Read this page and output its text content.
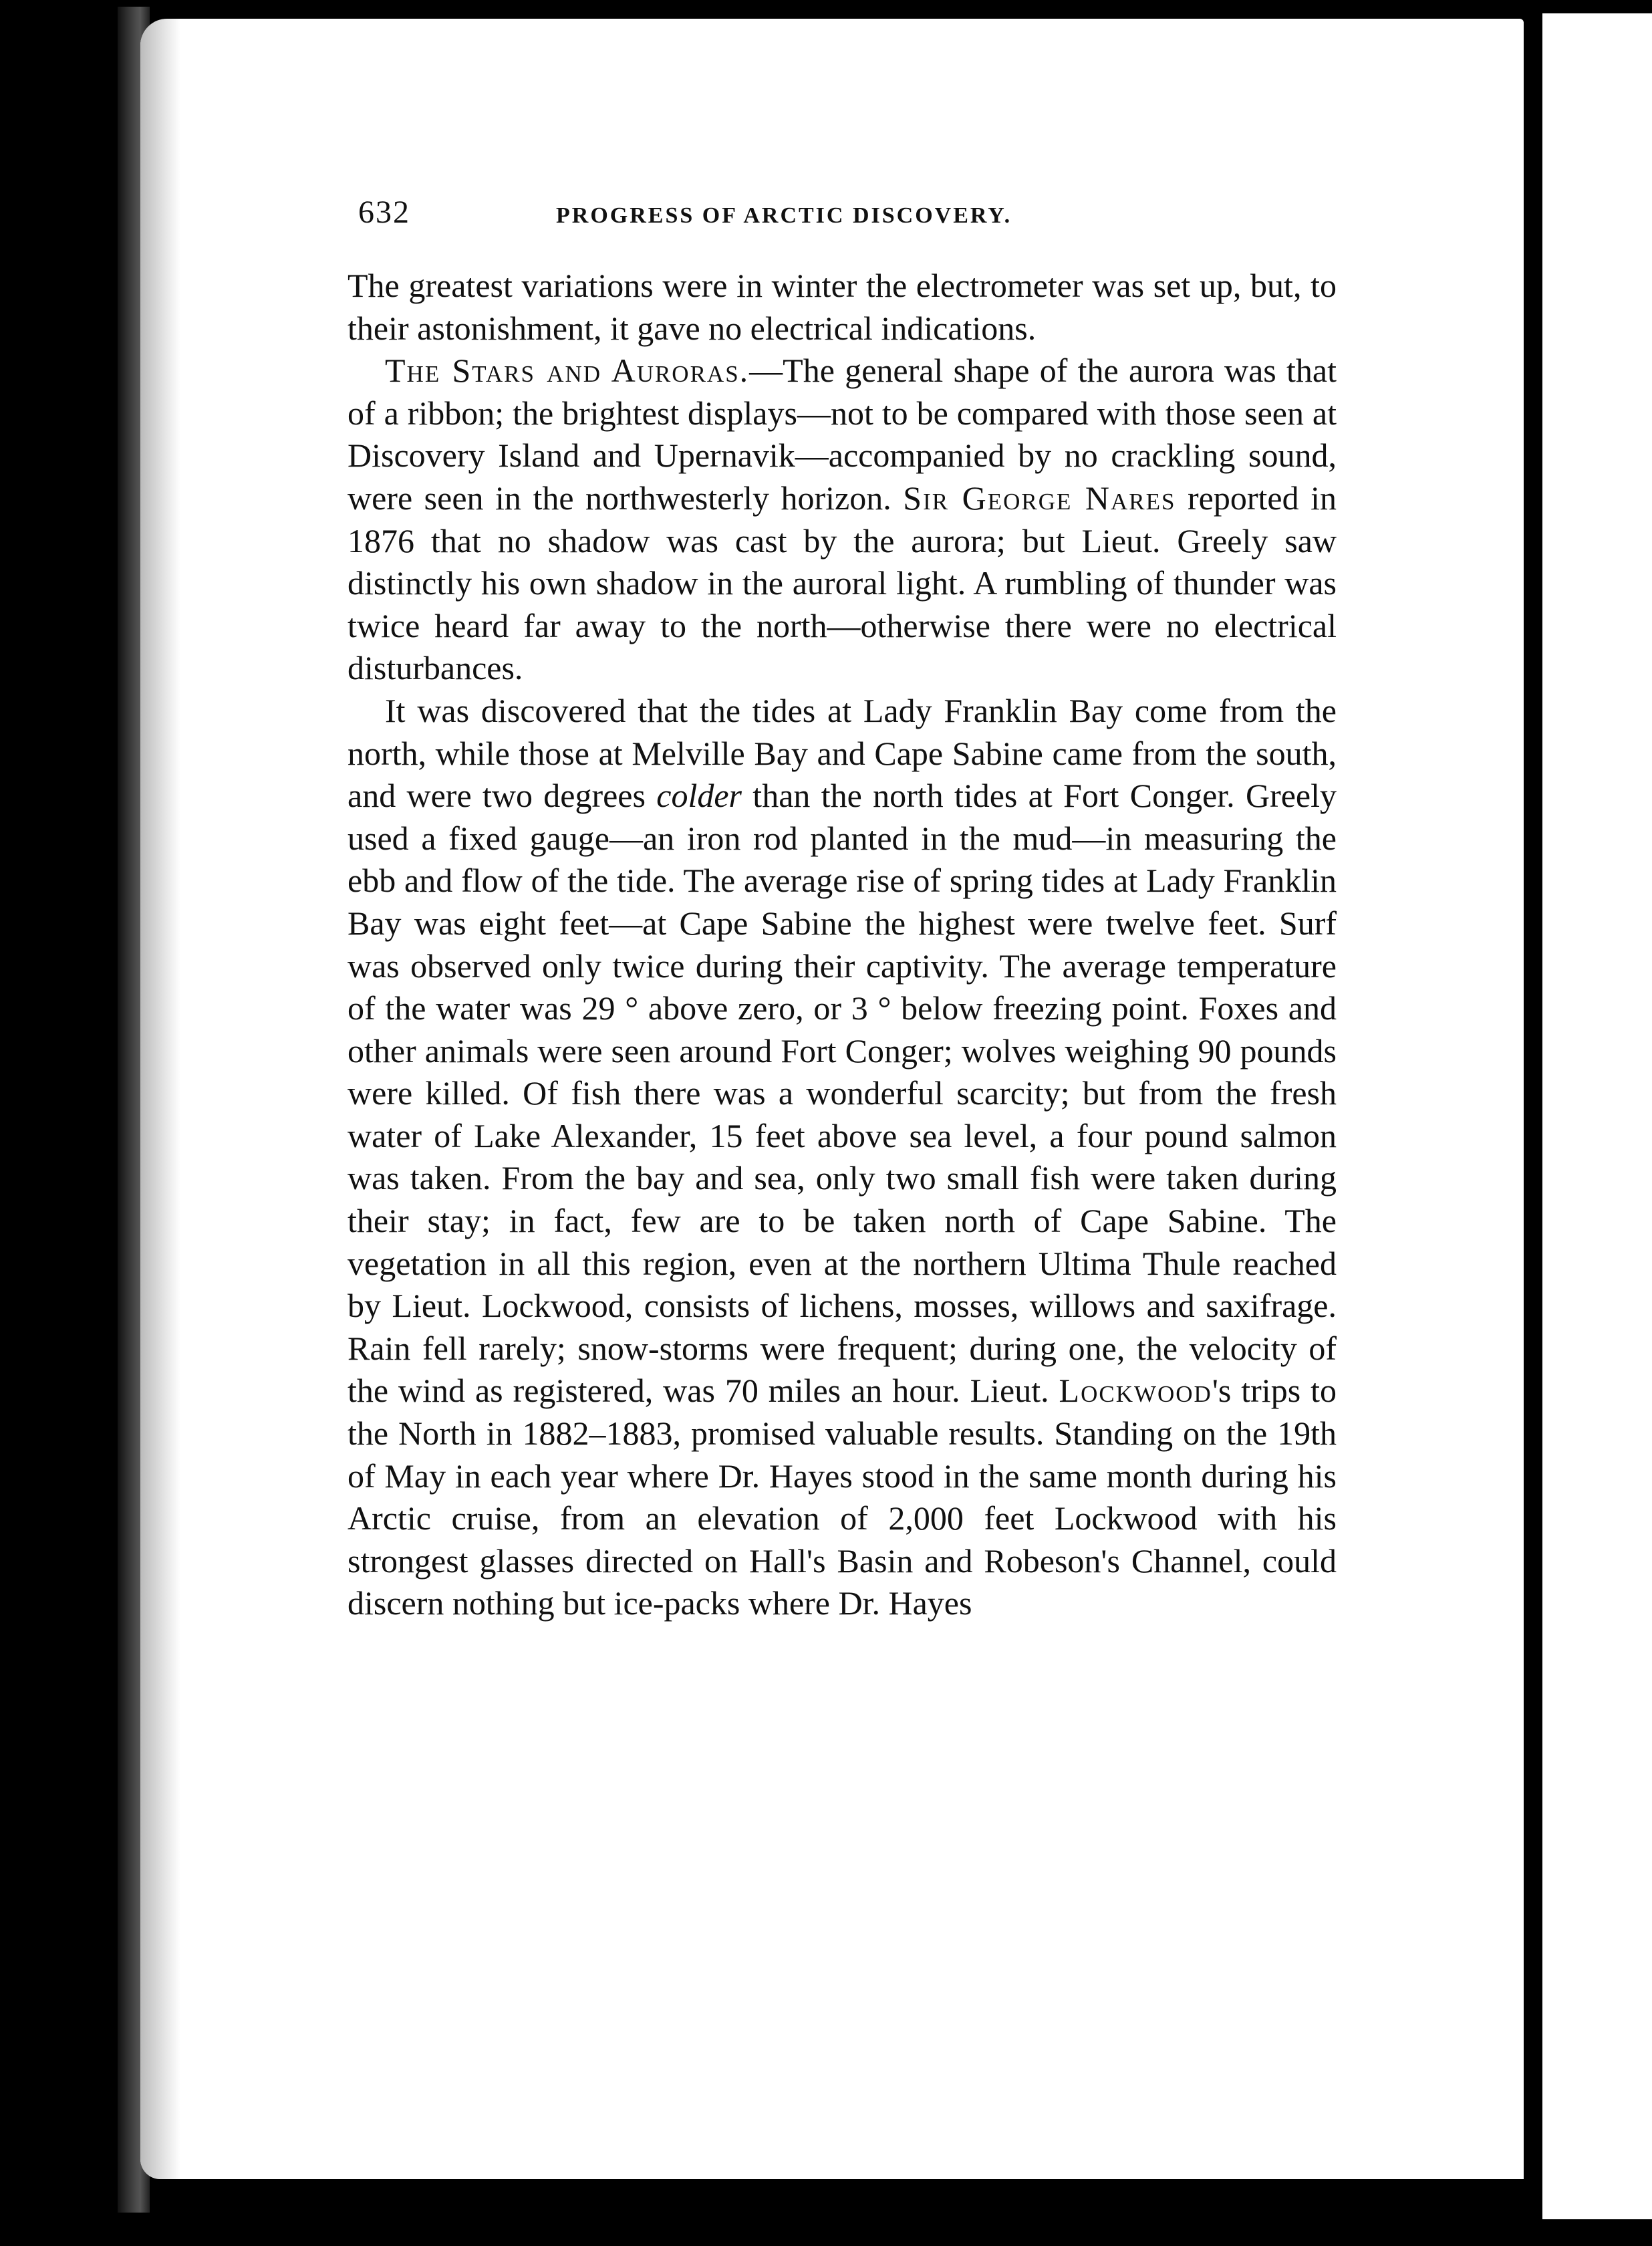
632	PROGRESS OF ARCTIC DISCOVERY.

The greatest variations were in winter the electrometer was set up, but, to their astonishment, it gave no electrical indications.

The Stars and Auroras.—The general shape of the aurora was that of a ribbon; the brightest displays—not to be compared with those seen at Discovery Island and Upernavik—accompanied by no crackling sound, were seen in the northwesterly horizon. Sir George Nares reported in 1876 that no shadow was cast by the aurora; but Lieut. Greely saw distinctly his own shadow in the auroral light. A rumbling of thunder was twice heard far away to the north—otherwise there were no electrical disturbances.

It was discovered that the tides at Lady Franklin Bay come from the north, while those at Melville Bay and Cape Sabine came from the south, and were two degrees colder than the north tides at Fort Conger. Greely used a fixed gauge—an iron rod planted in the mud—in measuring the ebb and flow of the tide. The average rise of spring tides at Lady Franklin Bay was eight feet—at Cape Sabine the highest were twelve feet. Surf was observed only twice during their captivity. The average temperature of the water was 29 ° above zero, or 3 ° below freezing point. Foxes and other animals were seen around Fort Conger; wolves weighing 90 pounds were killed. Of fish there was a wonderful scarcity; but from the fresh water of Lake Alexander, 15 feet above sea level, a four pound salmon was taken. From the bay and sea, only two small fish were taken during their stay; in fact, few are to be taken north of Cape Sabine. The vegetation in all this region, even at the northern Ultima Thule reached by Lieut. Lockwood, consists of lichens, mosses, willows and saxifrage. Rain fell rarely; snow-storms were frequent; during one, the velocity of the wind as registered, was 70 miles an hour. Lieut. Lockwood's trips to the North in 1882–1883, promised valuable results. Standing on the 19th of May in each year where Dr. Hayes stood in the same month during his Arctic cruise, from an elevation of 2,000 feet Lockwood with his strongest glasses directed on Hall's Basin and Robeson's Channel, could discern nothing but ice-packs where Dr. Hayes
